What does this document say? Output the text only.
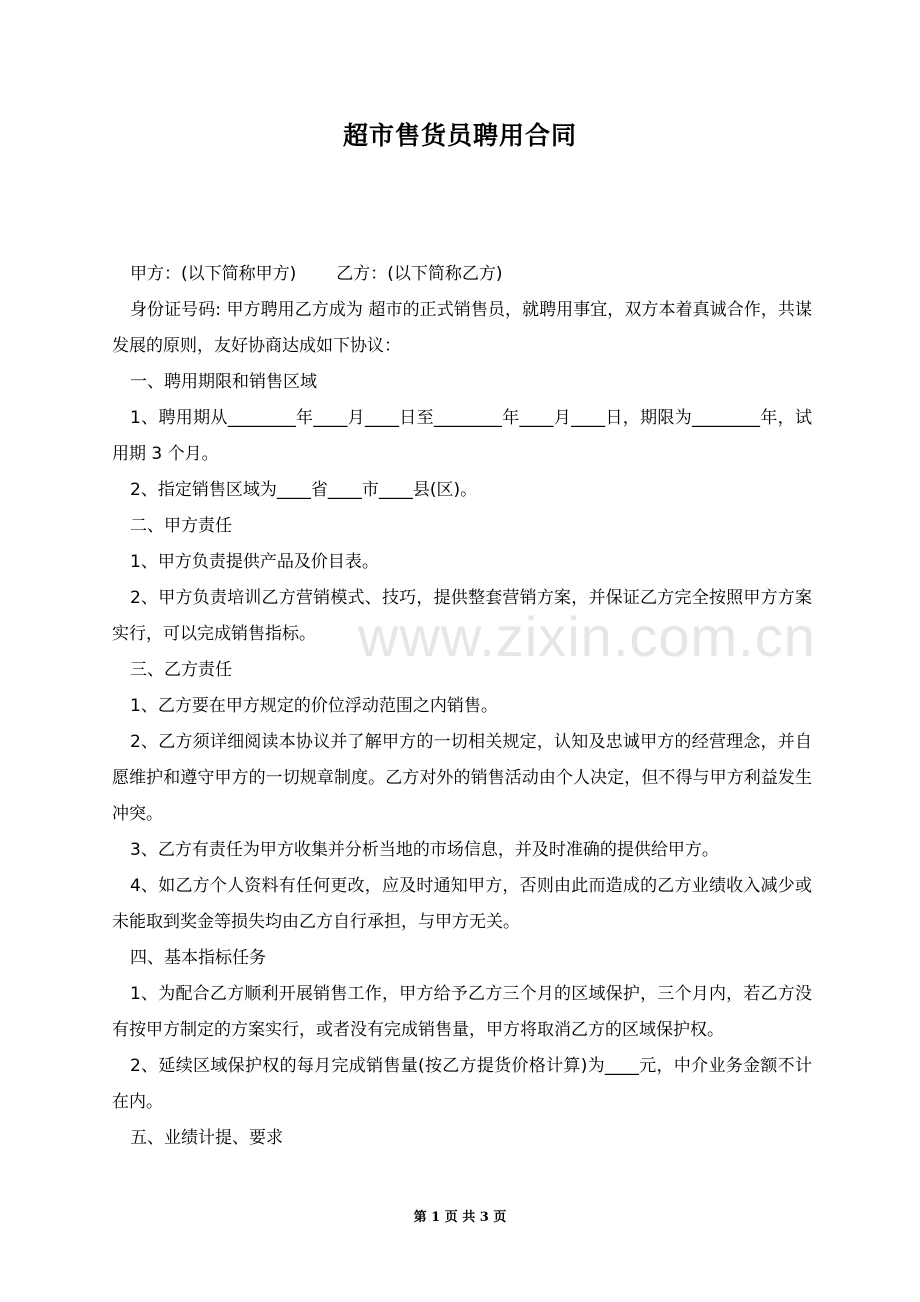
超市售货员聘用合同

甲方：(以下简称甲方) 乙方：(以下简称乙方)

身份证号码: 甲方聘用乙方成为 超市的正式销售员，就聘用事宜，双方本着真诚合作，共谋发展的原则，友好协商达成如下协议：

一、聘用期限和销售区域

1、聘用期从________年____月____日至________年____月____日，期限为________年，试用期 3 个月。

2、指定销售区域为____省____市____县(区)。

二、甲方责任

1、甲方负责提供产品及价目表。

2、甲方负责培训乙方营销模式、技巧，提供整套营销方案，并保证乙方完全按照甲方方案实行，可以完成销售指标。

三、乙方责任

1、乙方要在甲方规定的价位浮动范围之内销售。

2、乙方须详细阅读本协议并了解甲方的一切相关规定，认知及忠诚甲方的经营理念，并自愿维护和遵守甲方的一切规章制度。乙方对外的销售活动由个人决定，但不得与甲方利益发生冲突。

3、乙方有责任为甲方收集并分析当地的市场信息，并及时准确的提供给甲方。

4、如乙方个人资料有任何更改，应及时通知甲方，否则由此而造成的乙方业绩收入减少或未能取到奖金等损失均由乙方自行承担，与甲方无关。

四、基本指标任务

1、为配合乙方顺利开展销售工作，甲方给予乙方三个月的区域保护，三个月内，若乙方没有按甲方制定的方案实行，或者没有完成销售量，甲方将取消乙方的区域保护权。

2、延续区域保护权的每月完成销售量(按乙方提货价格计算)为____元，中介业务金额不计在内。

五、业绩计提、要求

www.zixin.com.cn
第 1 页 共 3 页
